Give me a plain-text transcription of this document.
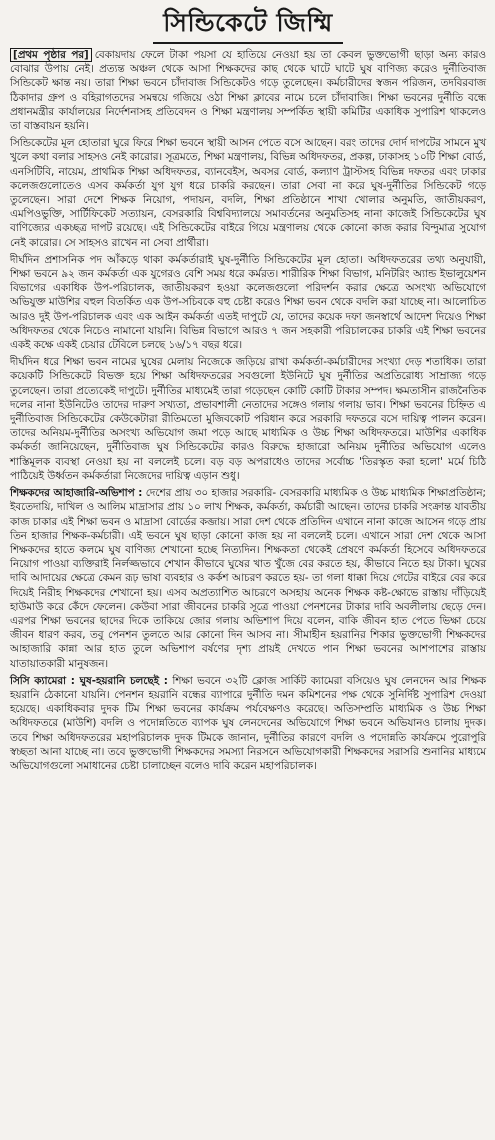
সিন্ডিকেটে জিম্মি

[প্রথম পৃষ্ঠার পর] বেকায়দায় ফেলে টাকা পয়সা যে হাতিয়ে নেওয়া হয় তা কেবল ভুক্তভোগী ছাড়া অন্য কারও বোঝার উপায় নেই। প্রত্যন্ত অঞ্চল থেকে আসা শিক্ষকদের কাছ থেকে ঘাটে ঘাটে ঘুষ বাণিজ্য করেও দুর্নীতিবাজ সিন্ডিকেট ক্ষান্ত নয়। তারা শিক্ষা ভবনে চাঁদাবাজ সিন্ডিকেটও গড়ে তুলেছেন। কর্মচারীদের স্বজন পরিজন, তদবিরবাজ ঠিকাদার গ্রুপ ও বহিরাগতদের সমন্বয়ে গজিয়ে ওঠা শিক্ষা ক্লাবের নামে চলে চাঁদাবাজি। শিক্ষা ভবনের দুর্নীতি বন্ধে প্রধানমন্ত্রীর কার্যালয়ের নির্দেশনাসহ প্রতিবেদন ও শিক্ষা মন্ত্রণালয় সম্পর্কিত স্থায়ী কমিটির একাধিক সুপারিশ থাকলেও তা বাস্তবায়ন হয়নি।

সিন্ডিকেটের মূল হোতারা ঘুরে ফিরে শিক্ষা ভবনে স্থায়ী আসন পেতে বসে আছেন। বরং তাদের দোর্দ দাপটের সামনে মুখ খুলে কথা বলার সাহসও নেই কারোর। সূত্রমতে, শিক্ষা মন্ত্রণালয়, বিভিন্ন অধিদফতর, প্রকল্প, ঢাকাসহ ১০টি শিক্ষা বোর্ড, এনসিটিবি, নায়েম, প্রাথমিক শিক্ষা অধিদফতর, ব্যানবেইস, অবসর বোর্ড, কল্যাণ ট্রাস্টসহ বিভিন্ন দফতর এবং ঢাকার কলেজগুলোতেও এসব কর্মকর্তা যুগ যুগ ধরে চাকরি করছেন। তারা সেবা না করে ঘুষ-দুর্নীতির সিন্ডিকেট গড়ে তুলেছেন। সারা দেশে শিক্ষক নিয়োগ, পদায়ন, বদলি, শিক্ষা প্রতিষ্ঠানে শাখা খোলার অনুমতি, জাতীয়করণ, এমপিওভুক্তি, সার্টিফিকেট সত্যায়ন, বেসরকারি বিশ্ববিদ্যালয়ে সমাবর্তনের অনুমতিসহ নানা কাজেই সিন্ডিকেটের ঘুষ বাণিজ্যের একচ্ছত্র দাপট রয়েছে। এই সিন্ডিকেটের বাইরে গিয়ে মন্ত্রণালয় থেকে কোনো কাজ করার বিন্দুমাত্র সুযোগ নেই কারোর। সে সাহসও রাখেন না সেবা প্রার্থীরা।

দীর্ঘদিন প্রশাসনিক পদ আঁকড়ে থাকা কর্মকর্তারাই ঘুষ-দুর্নীতি সিন্ডিকেটের মূল হোতা। অধিদফতরের তথ্য অনুযায়ী, শিক্ষা ভবনে ৯২ জন কর্মকর্তা এক যুগেরও বেশি সময় ধরে কর্মরত। শারীরিক শিক্ষা বিভাগ, মনিটরিং অ্যান্ড ইভালুয়েশন বিভাগের একাধিক উপ-পরিচালক, জাতীয়করণ হওয়া কলেজগুলো পরিদর্শন করার ক্ষেত্রে অসংখ্য অভিযোগে অভিযুক্ত মাউশির বহুল বিতর্কিত এক উপ-সচিবকে বহু চেষ্টা করেও শিক্ষা ভবন থেকে বদলি করা যাচ্ছে না। আলোচিত আরও দুই উপ-পরিচালক এবং এক আইন কর্মকর্তা এতই দাপুটে যে, তাদের কয়েক দফা জনস্বার্থে আদেশ দিয়েও শিক্ষা অধিদফতর থেকে নিচেও নামানো যায়নি। বিভিন্ন বিভাগে আরও ৭ জন সহকারী পরিচালকের চাকরি এই শিক্ষা ভবনের একই কক্ষে একই চেয়ার টেবিলে চলছে ১৬/১৭ বছর ধরে।

দীর্ঘদিন ধরে শিক্ষা ভবন নামের ঘুষের মেলায় নিজেকে জড়িয়ে রাখা কর্মকর্তা-কর্মচারীদের সংখ্যা দেড় শতাধিক। তারা কয়েকটি সিন্ডিকেটে বিভক্ত হয়ে শিক্ষা অধিদফতরের সবগুলো ইউনিটে ঘুষ দুর্নীতির অপ্রতিরোধ্য সাম্রাজ্য গড়ে তুলেছেন। তারা প্রত্যেকেই দাপুটে। দুর্নীতির মাধ্যমেই তারা গড়েছেন কোটি কোটি টাকার সম্পদ। ক্ষমতাসীন রাজনৈতিক দলের নানা ইউনিটেও তাদের দারুণ সখ্যতা, প্রভাবশালী নেতাদের সঙ্গেও গলায় গলায় ভাব। শিক্ষা ভবনের চিহ্নিত এ দুর্নীতিবাজ সিন্ডিকেটের কেউকেটারা রীতিমতো মুজিবকোট পরিধান করে সরকারি দফতরে বসে দায়িত্ব পালন করেন। তাদের অনিয়ম-দুর্নীতির অসংখ্য অভিযোগ জমা পড়ে আছে মাধ্যমিক ও উচ্চ শিক্ষা অধিদফতরে। মাউশির একাধিক কর্মকর্তা জানিয়েছেন, দুর্নীতিবাজ ঘুষ সিন্ডিকেটের কারও বিরুদ্ধে হাজারো অনিয়ম দুর্নীতির অভিযোগ এলেও শাস্তিমূলক ব্যবস্থা নেওয়া হয় না বললেই চলে। বড় বড় অপরাধেও তাদের সর্বোচ্চ 'তিরস্কৃত করা হলো' মর্মে চিঠি পাঠিয়েই উর্ধ্বতন কর্মকর্তারা নিজেদের দায়িত্ব এড়ান শুধু।

শিক্ষকদের আহাজারি-অভিশাপ : দেশের প্রায় ৩০ হাজার সরকারি- বেসরকারি মাধ্যমিক ও উচ্চ মাধ্যমিক শিক্ষাপ্রতিষ্ঠান; ইবতেদায়ি, দাখিল ও আলিম মাদ্রাসার প্রায় ১০ লাখ শিক্ষক, কর্মকর্তা, কর্মচারী আছেন। তাদের চাকরি সংক্রান্ত যাবতীয় কাজ চাকার এই শিক্ষা ভবন ও মাদ্রাসা বোর্ডের কব্জায়। সারা দেশ থেকে প্রতিদিন এখানে নানা কাজে আসেন গড়ে প্রায় তিন হাজার শিক্ষক-কর্মচারী। এই ভবনে ঘুষ ছাড়া কোনো কাজ হয় না বললেই চলে। এখানে সারা দেশ থেকে আসা শিক্ষকদের হাতে কলমে ঘুষ বাণিজ্য শেখানো হচ্ছে নিত্যদিন। শিক্ষকতা থেকেই প্রেষণে কর্মকর্তা হিসেবে অধিদফতরে নিয়োগ পাওয়া ব্যক্তিরাই নির্লজ্জভাবে শেখান কীভাবে ঘুষের খাত খুঁজে বের করতে হয়, কীভাবে নিতে হয় টাকা। ঘুষের দাবি আদায়ের ক্ষেত্রে কেমন রূঢ় ভাষা ব্যবহার ও কর্কশ আচরণ করতে হয়- তা গলা ধাক্কা দিয়ে গেটের বাইরে বের করে দিয়েই নিরীহ শিক্ষকদের শেখানো হয়। এসব অপ্রত্যাশিত আচরণে অসহায় অনেক শিক্ষক কষ্ট-ক্ষোভে রাস্তায় দাঁড়িয়েই হাউমাউ করে কেঁদে ফেলেন। কেউবা সারা জীবনের চাকরি সূত্রে পাওয়া পেনশনের টাকার দাবি অবলীলায় ছেড়ে দেন। এরপর শিক্ষা ভবনের ছাদের দিকে তাকিয়ে জোর গলায় অভিশাপ দিয়ে বলেন, বাকি জীবন হাত পেতে ভিক্ষা চেয়ে জীবন ধারণ করব, তবু পেনশন তুলতে আর কোনো দিন আসব না। সীমাহীন হয়রানির শিকার ভুক্তভোগী শিক্ষকদের আহাজারি কান্না আর হাত তুলে অভিশাপ বর্ষণের দৃশ্য প্রায়ই দেখতে পান শিক্ষা ভবনের আশপাশের রাস্তায় যাতায়াতকারী মানুষজন।

সিসি ক্যামেরা : ঘুষ-হয়রানি চলছেই : শিক্ষা ভবনে ৩২টি ক্লোজ সার্কিট ক্যামেরা বসিয়েও ঘুষ লেনদেন আর শিক্ষক হয়রানি ঠেকানো যায়নি। পেনশন হয়রানি বন্ধের ব্যাপারে দুর্নীতি দমন কমিশনের পক্ষ থেকে সুনির্দিষ্ট সুপারিশ দেওয়া হয়েছে। একাধিকবার দুদক টিম শিক্ষা ভবনের কার্যক্রম পর্যবেক্ষণও করেছে। অতিসম্প্রতি মাধ্যমিক ও উচ্চ শিক্ষা অধিদফতরে (মাউশি) বদলি ও পদোন্নতিতে ব্যাপক ঘুষ লেনদেনের অভিযোগে শিক্ষা ভবনে অভিযানও চালায় দুদক। তবে শিক্ষা অধিদফতরের মহাপরিচালক দুদক টিমকে জানান, দুর্নীতির কারণে বদলি ও পদোন্নতি কার্যক্রমে পুরোপুরি স্বচ্ছতা আনা যাচ্ছে না। তবে ভুক্তভোগী শিক্ষকদের সমস্যা নিরসনে অভিযোগকারী শিক্ষকদের সরাসরি শুনানির মাধ্যমে অভিযোগগুলো সমাধানের চেষ্টা চালাচ্ছেন বলেও দাবি করেন মহাপরিচালক।
